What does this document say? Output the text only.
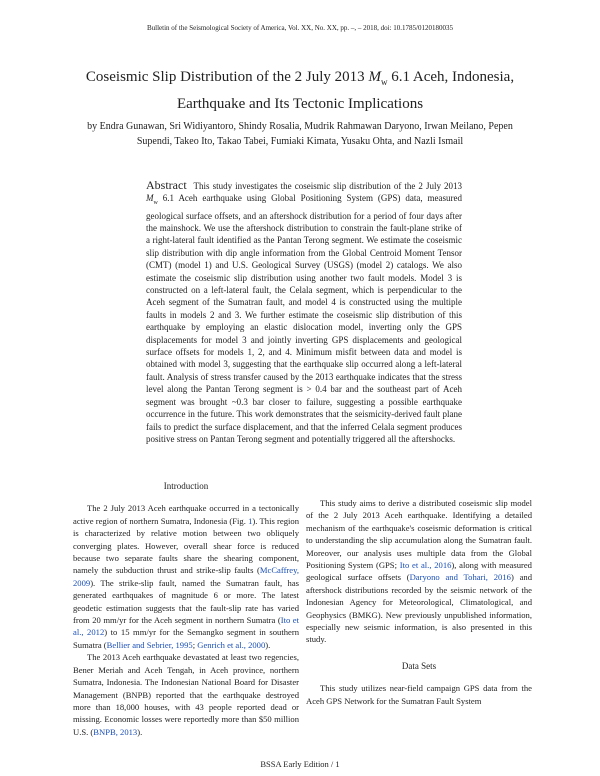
Bulletin of the Seismological Society of America, Vol. XX, No. XX, pp. –, – 2018, doi: 10.1785/0120180035
Coseismic Slip Distribution of the 2 July 2013 $M_w$ 6.1 Aceh, Indonesia,
Earthquake and Its Tectonic Implications
by Endra Gunawan, Sri Widiyantoro, Shindy Rosalia, Mudrik Rahmawan Daryono, Irwan Meilano, Pepen Supendi, Takeo Ito, Takao Tabei, Fumiaki Kimata, Yusaku Ohta, and Nazli Ismail
Abstract This study investigates the coseismic slip distribution of the 2 July 2013 $M_w$ 6.1 Aceh earthquake using Global Positioning System (GPS) data, measured geological surface offsets, and an aftershock distribution for a period of four days after the mainshock. We use the aftershock distribution to constrain the fault-plane strike of a right-lateral fault identified as the Pantan Terong segment. We estimate the coseismic slip distribution with dip angle information from the Global Centroid Moment Tensor (CMT) (model 1) and U.S. Geological Survey (USGS) (model 2) catalogs. We also estimate the coseismic slip distribution using another two fault models. Model 3 is constructed on a left-lateral fault, the Celala segment, which is perpendicular to the Aceh segment of the Sumatran fault, and model 4 is constructed using the multiple faults in models 2 and 3. We further estimate the coseismic slip distribution of this earthquake by employing an elastic dislocation model, inverting only the GPS displacements for model 3 and jointly inverting GPS displacements and geological surface offsets for models 1, 2, and 4. Minimum misfit between data and model is obtained with model 3, suggesting that the earthquake slip occurred along a left-lateral fault. Analysis of stress transfer caused by the 2013 earthquake indicates that the stress level along the Pantan Terong segment is > 0.4 bar and the southeast part of Aceh segment was brought ~0.3 bar closer to failure, suggesting a possible earthquake occurrence in the future. This work demonstrates that the seismicity-derived fault plane fails to predict the surface displacement, and that the inferred Celala segment produces positive stress on Pantan Terong segment and potentially triggered all the aftershocks.
Introduction

The 2 July 2013 Aceh earthquake occurred in a tectonically active region of northern Sumatra, Indonesia (Fig. 1). This region is characterized by relative motion between two obliquely converging plates. However, overall shear force is reduced because two separate faults share the shearing component, namely the subduction thrust and strike-slip faults (McCaffrey, 2009). The strike-slip fault, named the Sumatran fault, has generated earthquakes of magnitude 6 or more. The latest geodetic estimation suggests that the fault-slip rate has varied from 20 mm/yr for the Aceh segment in northern Sumatra (Ito et al., 2012) to 15 mm/yr for the Semangko segment in southern Sumatra (Bellier and Sebrier, 1995; Genrich et al., 2000).

The 2013 Aceh earthquake devastated at least two regencies, Bener Meriah and Aceh Tengah, in Aceh province, northern Sumatra, Indonesia. The Indonesian National Board for Disaster Management (BNPB) reported that the earthquake destroyed more than 18,000 houses, with 43 people reported dead or missing. Economic losses were reportedly more than $50 million U.S. (BNPB, 2013).

This study aims to derive a distributed coseismic slip model of the 2 July 2013 Aceh earthquake. Identifying a detailed mechanism of the earthquake's coseismic deformation is critical to understanding the slip accumulation along the Sumatran fault. Moreover, our analysis uses multiple data from the Global Positioning System (GPS; Ito et al., 2016), along with measured geological surface offsets (Daryono and Tohari, 2016) and aftershock distributions recorded by the seismic network of the Indonesian Agency for Meteorological, Climatological, and Geophysics (BMKG). New previously unpublished information, especially new seismic information, is also presented in this study.

Data Sets

This study utilizes near-field campaign GPS data from the Aceh GPS Network for the Sumatran Fault System

BSSA Early Edition / 1
